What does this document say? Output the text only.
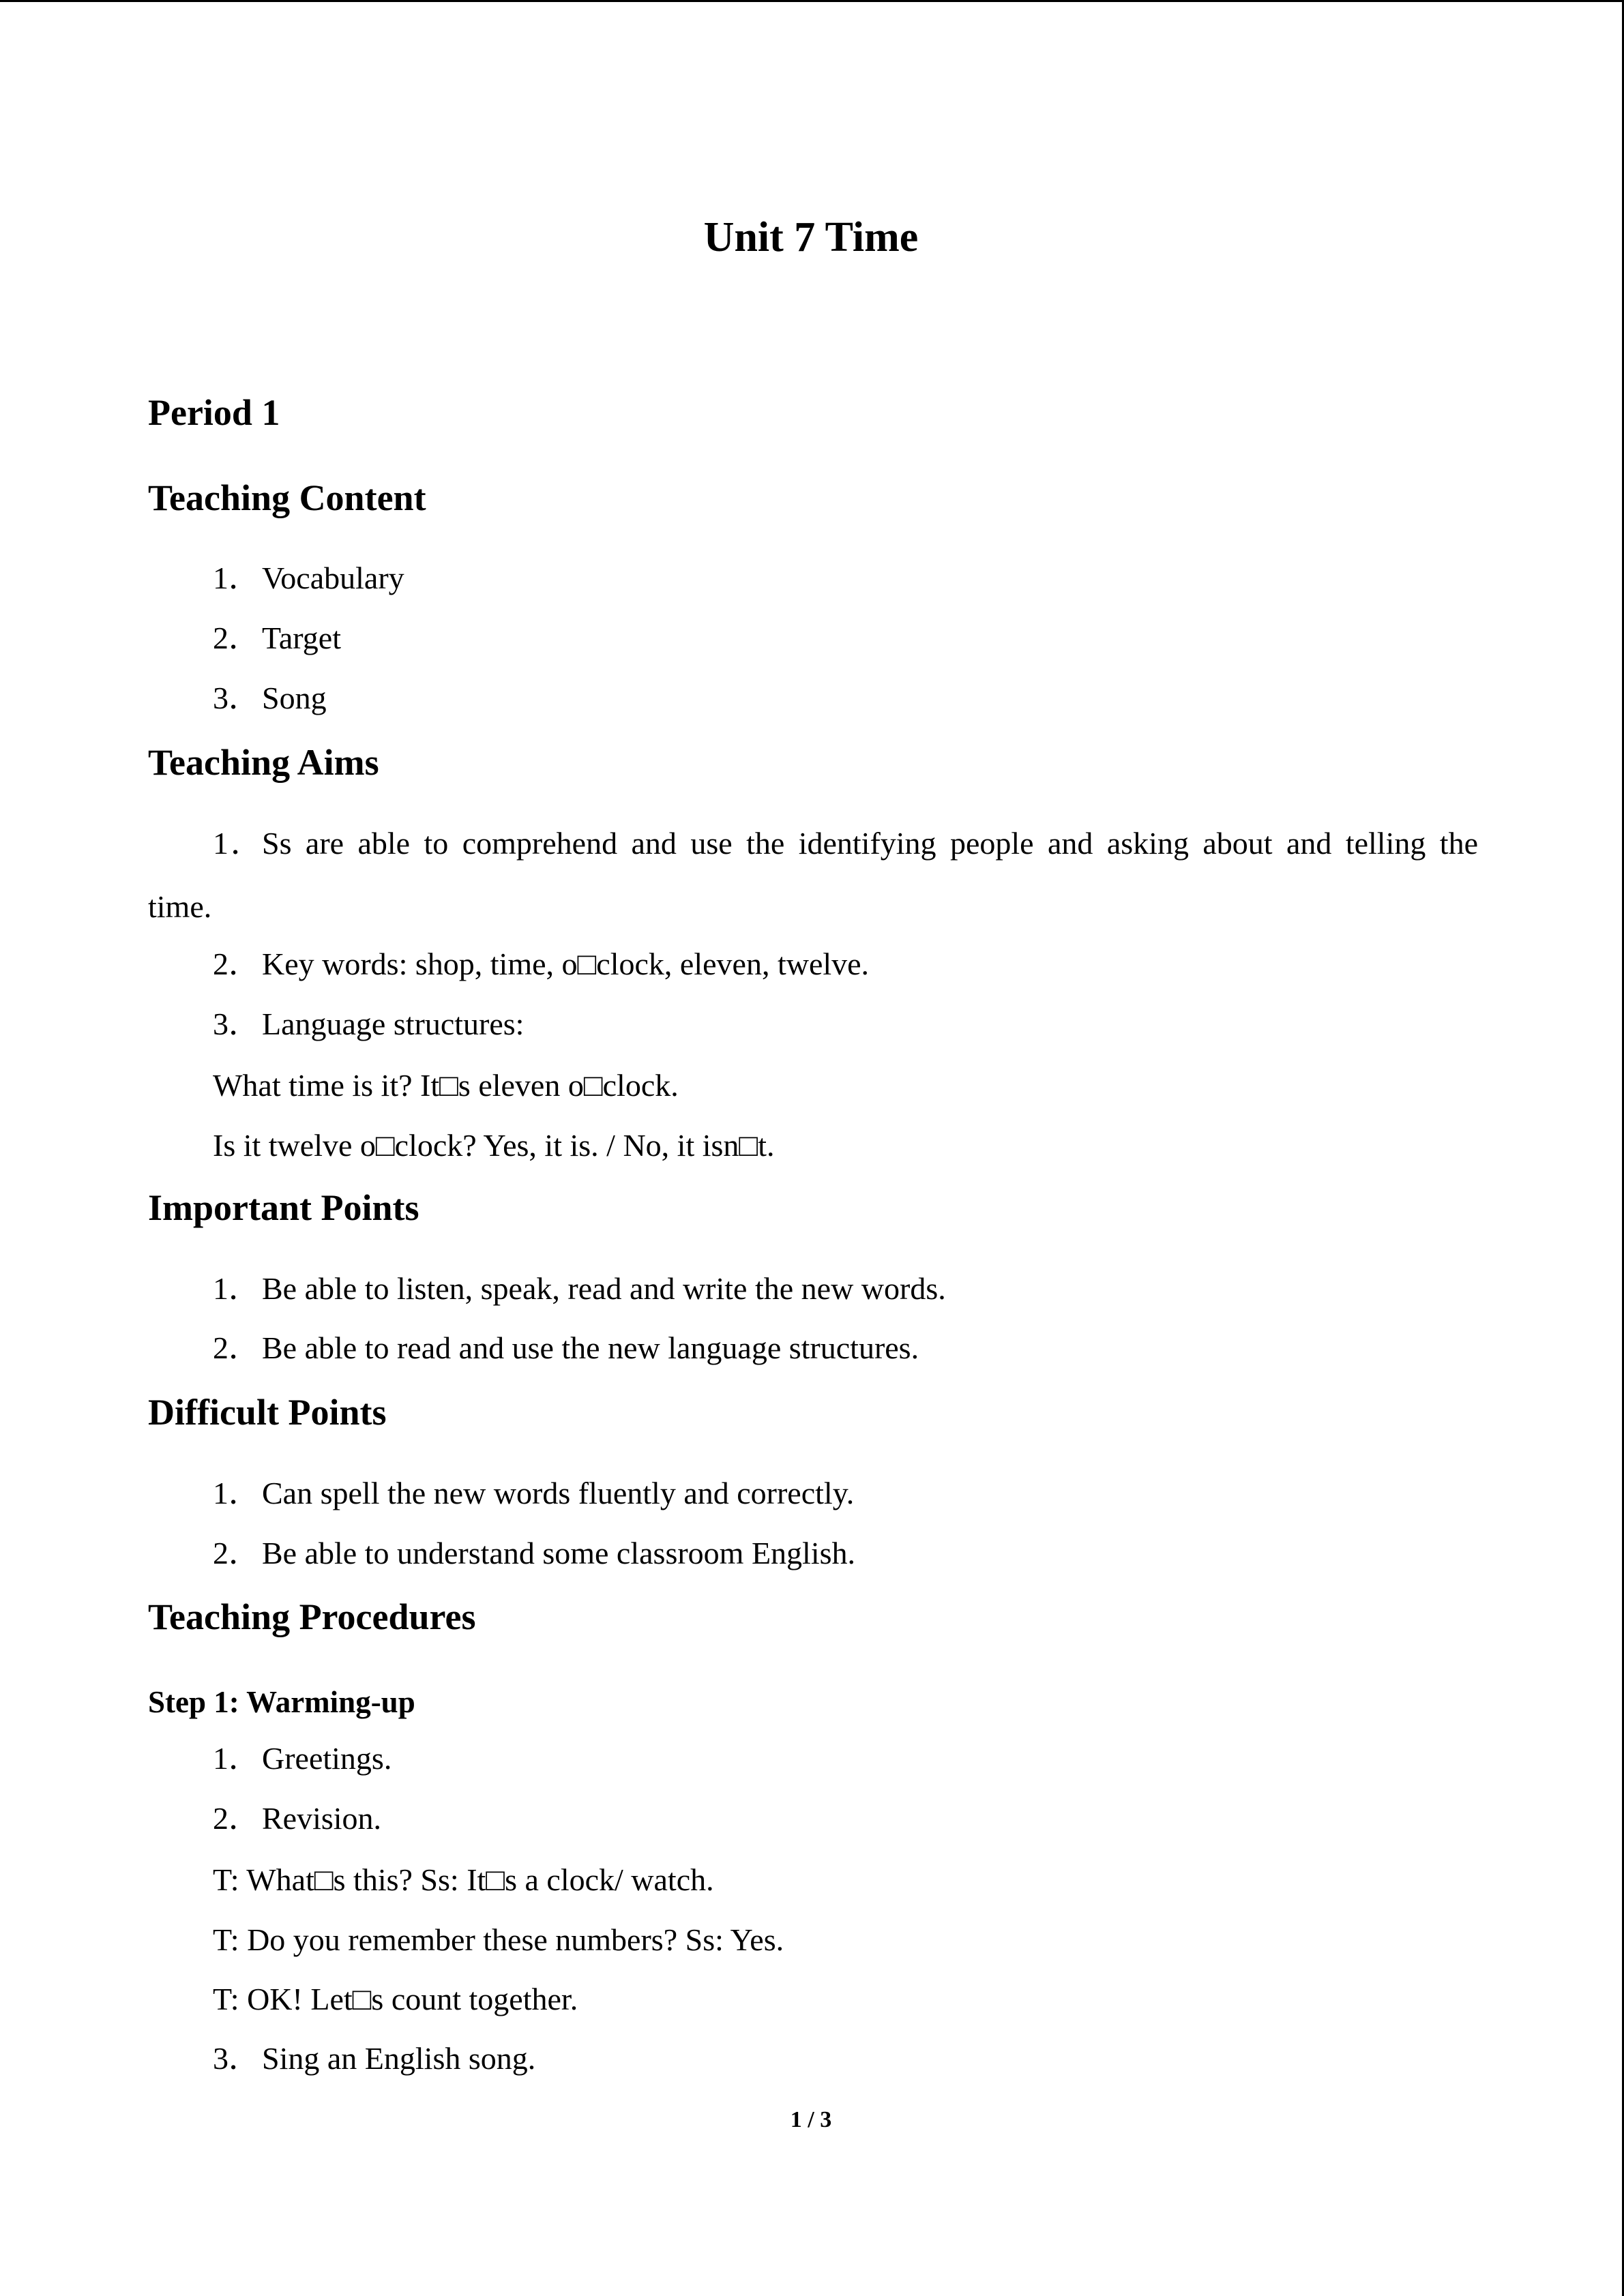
Unit 7 Time
Period 1
Teaching Content

1．Vocabulary

2．Target

3．Song

Teaching Aims

1．Ss are able to comprehend and use the identifying people and asking about and telling the

time.

2．Key words: shop, time, o□clock, eleven, twelve.

3．Language structures:

What time is it? It□s eleven o□clock.

Is it twelve o□clock? Yes, it is. / No, it isn□t.

Important Points

1．Be able to listen, speak, read and write the new words.

2．Be able to read and use the new language structures.

Difficult Points

1．Can spell the new words fluently and correctly.

2．Be able to understand some classroom English.

Teaching Procedures
Step 1: Warming-up

1．Greetings.

2．Revision.

T: What□s this? Ss: It□s a clock/ watch.

T: Do you remember these numbers? Ss: Yes.

T: OK! Let□s count together.

3．Sing an English song.

1 / 3
